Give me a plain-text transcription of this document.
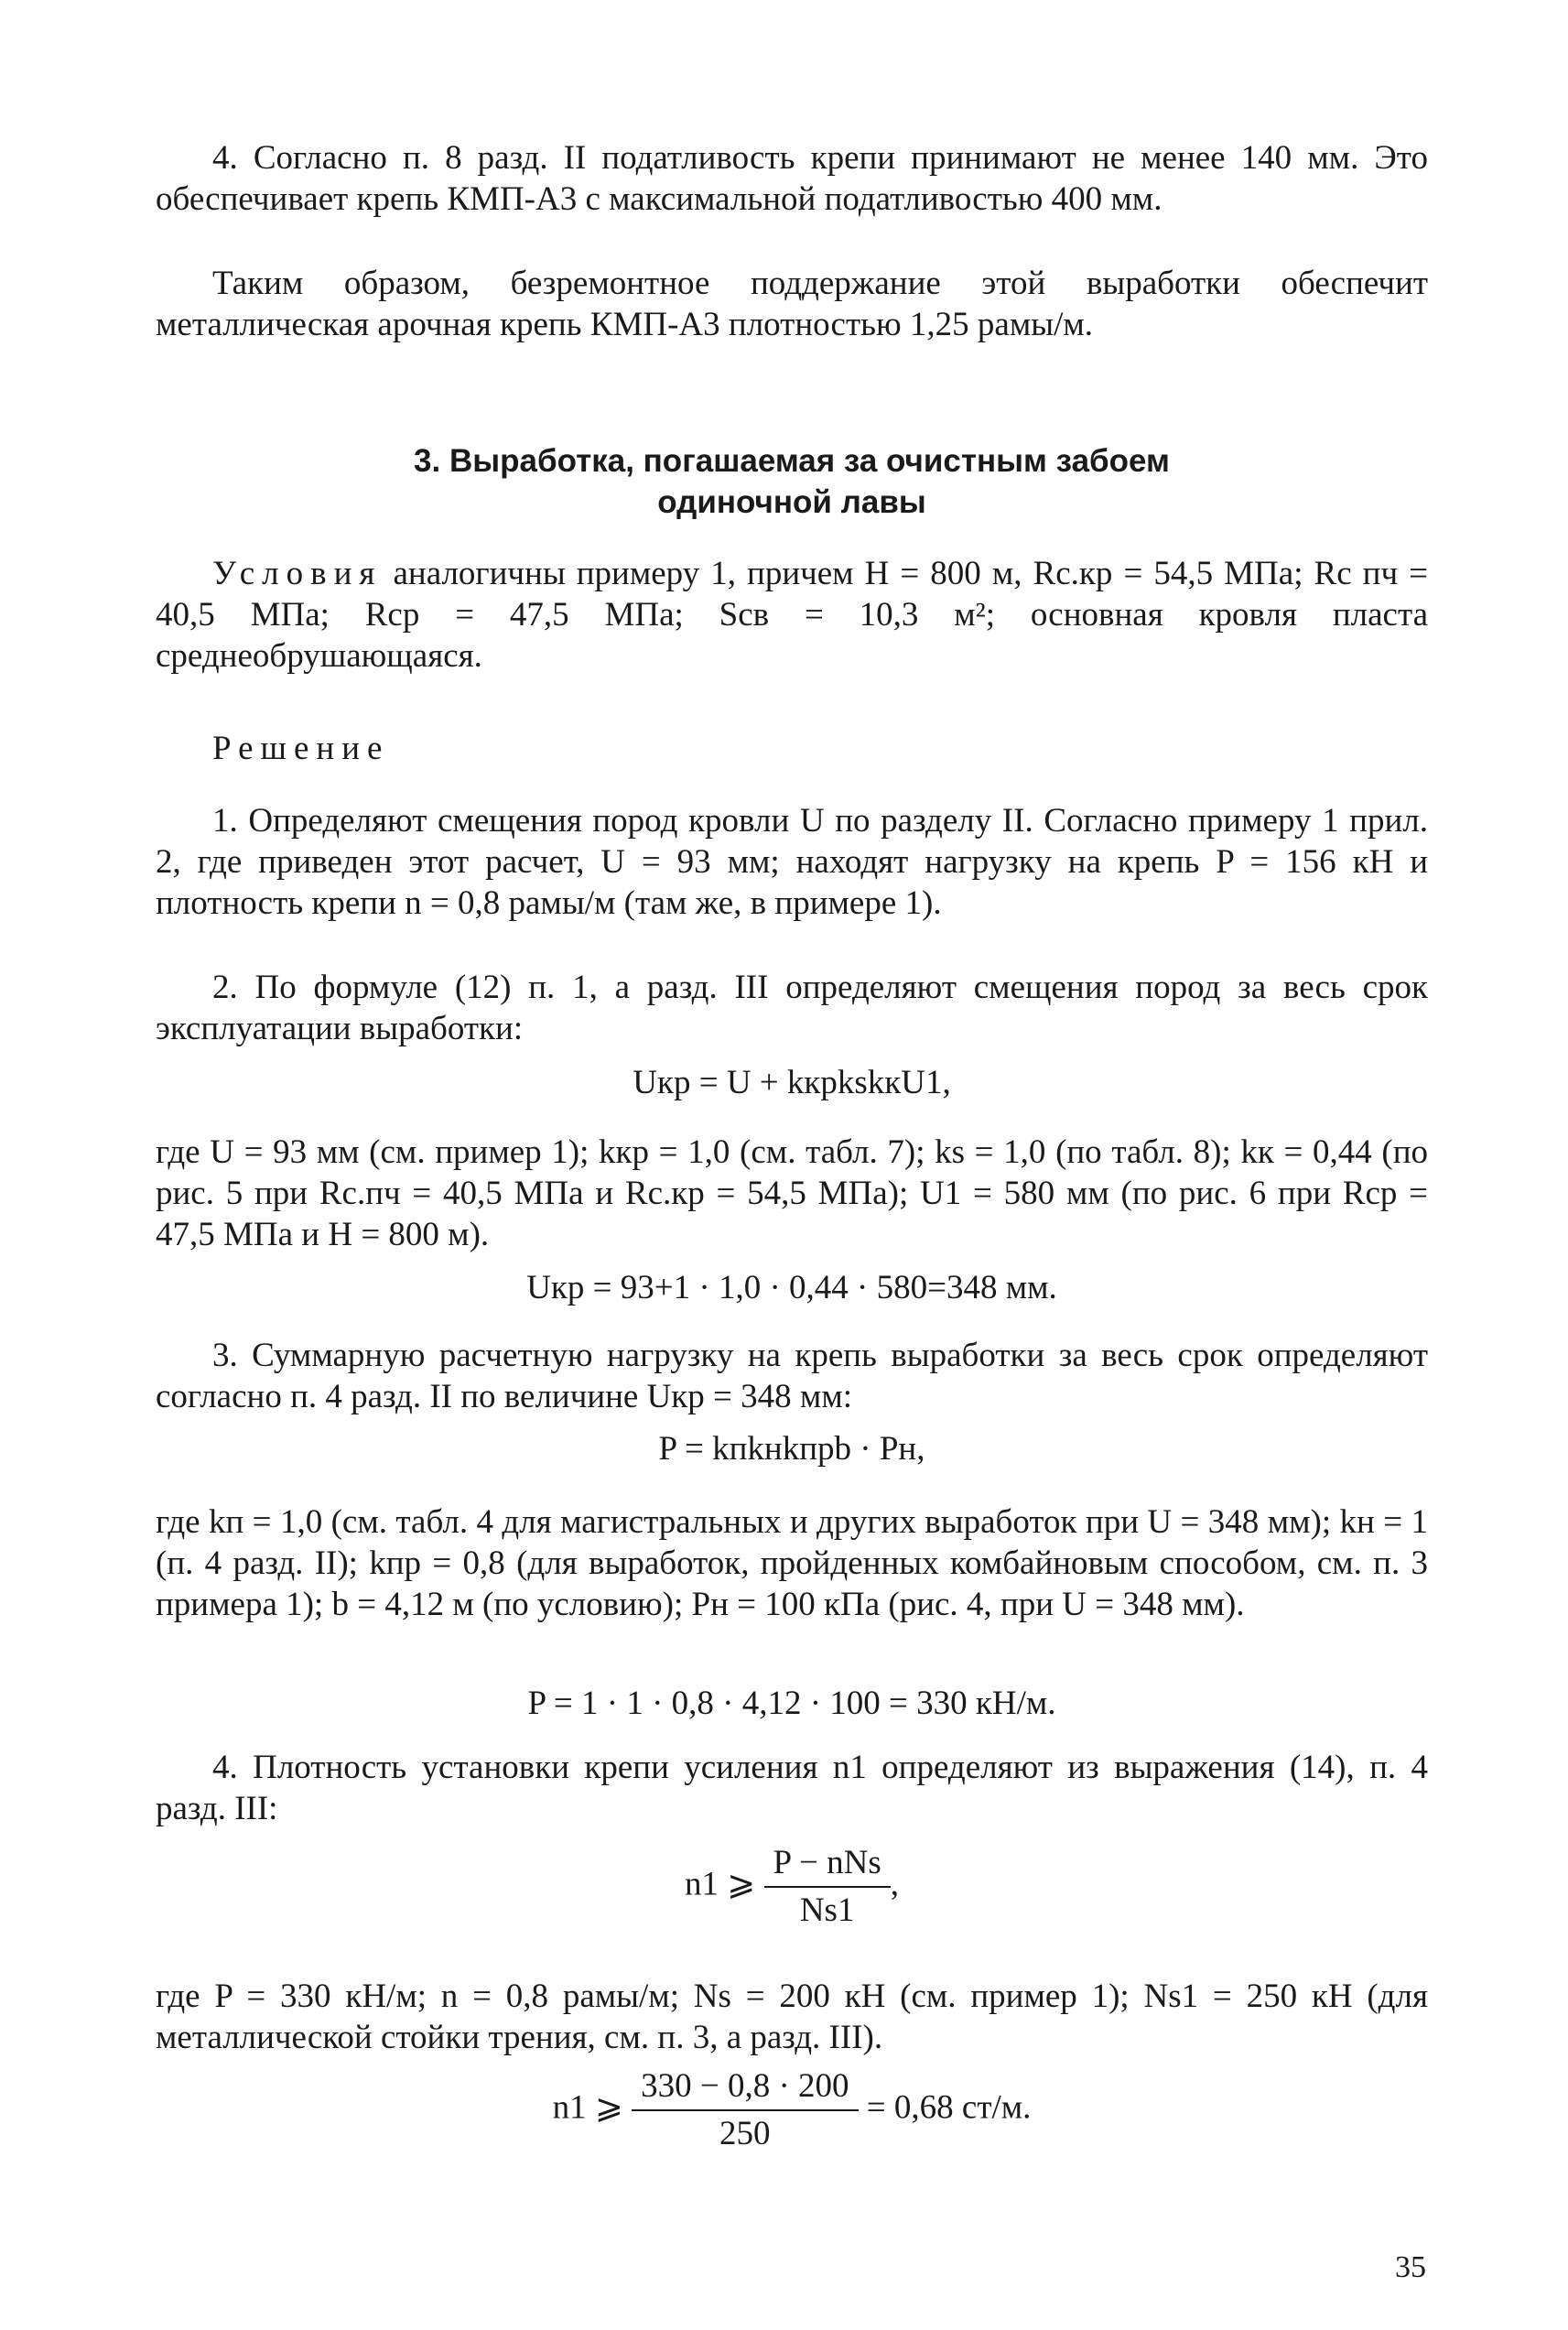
4. Согласно п. 8 разд. II податливость крепи принимают не менее 140 мм. Это обеспечивает крепь КМП-А3 с максимальной податливостью 400 мм.

Таким образом, безремонтное поддержание этой выработки обеспечит металлическая арочная крепь КМП-А3 плотностью 1,25 рамы/м.

3. Выработка, погашаемая за очистным забоем

одиночной лавы

Условия аналогичны примеру 1, причем H = 800 м, Rс.кр = 54,5 МПа; Rс пч = 40,5 МПа; Rср = 47,5 МПа; Sсв = 10,3 м²; основная кровля пласта среднеобрушающаяся.

Решение

1. Определяют смещения пород кровли U по разделу II. Согласно примеру 1 прил. 2, где приведен этот расчет, U = 93 мм; находят нагрузку на крепь P = 156 кН и плотность крепи n = 0,8 рамы/м (там же, в примере 1).

2. По формуле (12) п. 1, а разд. III определяют смещения пород за весь срок эксплуатации выработки:

Uкр = U + kкрkskкU1,

где U = 93 мм (см. пример 1); kкр = 1,0 (см. табл. 7); ks = 1,0 (по табл. 8); kк = 0,44 (по рис. 5 при Rс.пч = 40,5 МПа и Rс.кр = 54,5 МПа); U1 = 580 мм (по рис. 6 при Rср = 47,5 МПа и H = 800 м).

Uкр = 93+1 · 1,0 · 0,44 · 580=348 мм.

3. Суммарную расчетную нагрузку на крепь выработки за весь срок определяют согласно п. 4 разд. II по величине Uкр = 348 мм:

P = kпkнkпрb · Pн,

где kп = 1,0 (см. табл. 4 для магистральных и других выработок при U = 348 мм); kн = 1 (п. 4 разд. II); kпр = 0,8 (для выработок, пройденных комбайновым способом, см. п. 3 примера 1); b = 4,12 м (по условию); Pн = 100 кПа (рис. 4, при U = 348 мм).

P = 1 · 1 · 0,8 · 4,12 · 100 = 330 кН/м.

4. Плотность установки крепи усиления n1 определяют из выражения (14), п. 4 разд. III:

n1 ⩾ $\frac{\text{P − nNs}}{Ns1}$ ,

где P = 330 кН/м; n = 0,8 рамы/м; Ns = 200 кН (см. пример 1); Ns1 = 250 кН (для металлической стойки трения, см. п. 3, а разд. III).

n1 ⩾ $\frac{330 - 0,8 \cdot 200}{250} = 0,68$ ст/м.

35
